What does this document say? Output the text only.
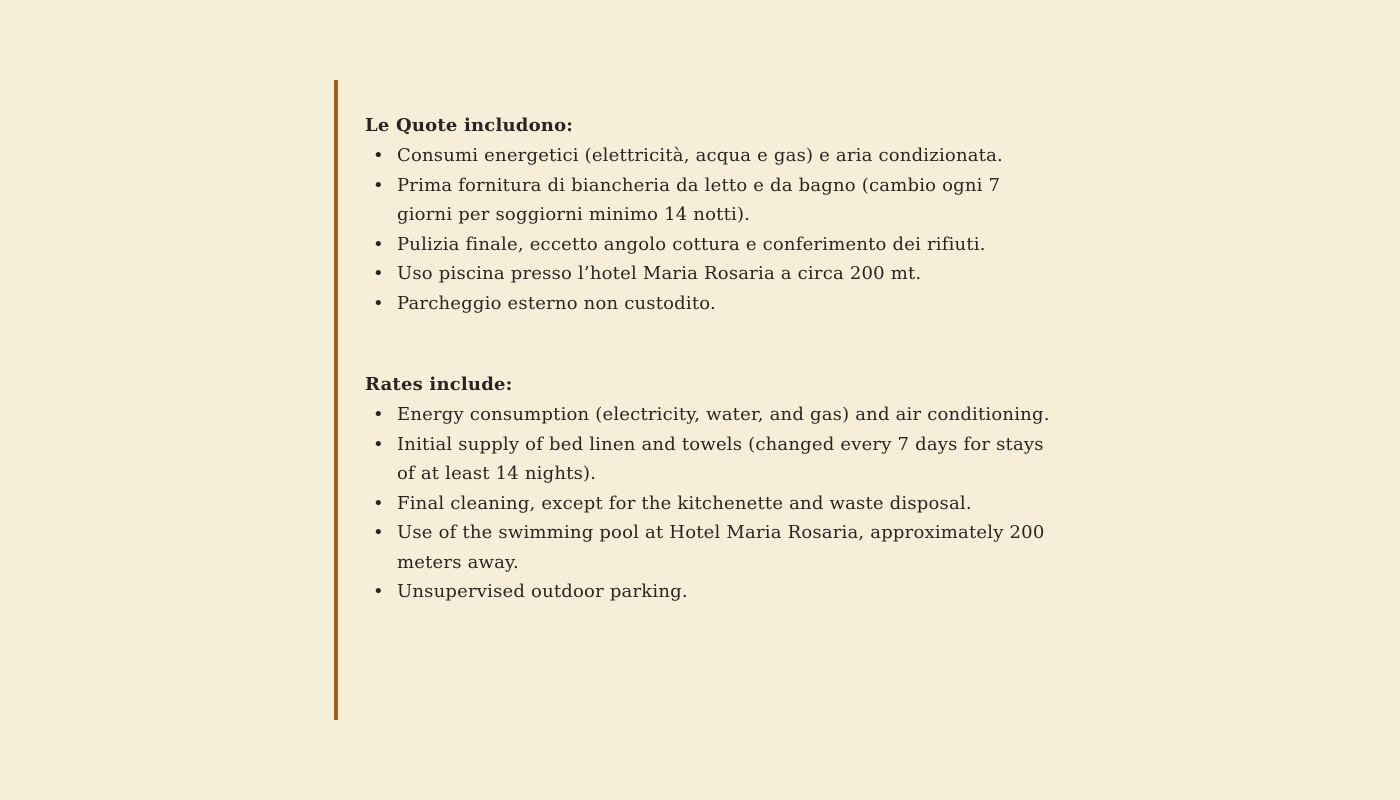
Le Quote includono:

• Consumi energetici (elettricità, acqua e gas) e aria condizionata.
• Prima fornitura di biancheria da letto e da bagno (cambio ogni 7 giorni per soggiorni minimo 14 notti).
• Pulizia finale, eccetto angolo cottura e conferimento dei rifiuti.
• Uso piscina presso l’hotel Maria Rosaria a circa 200 mt.
• Parcheggio esterno non custodito.

Rates include:

• Energy consumption (electricity, water, and gas) and air conditioning.
• Initial supply of bed linen and towels (changed every 7 days for stays of at least 14 nights).
• Final cleaning, except for the kitchenette and waste disposal.
• Use of the swimming pool at Hotel Maria Rosaria, approximately 200 meters away.
• Unsupervised outdoor parking.
